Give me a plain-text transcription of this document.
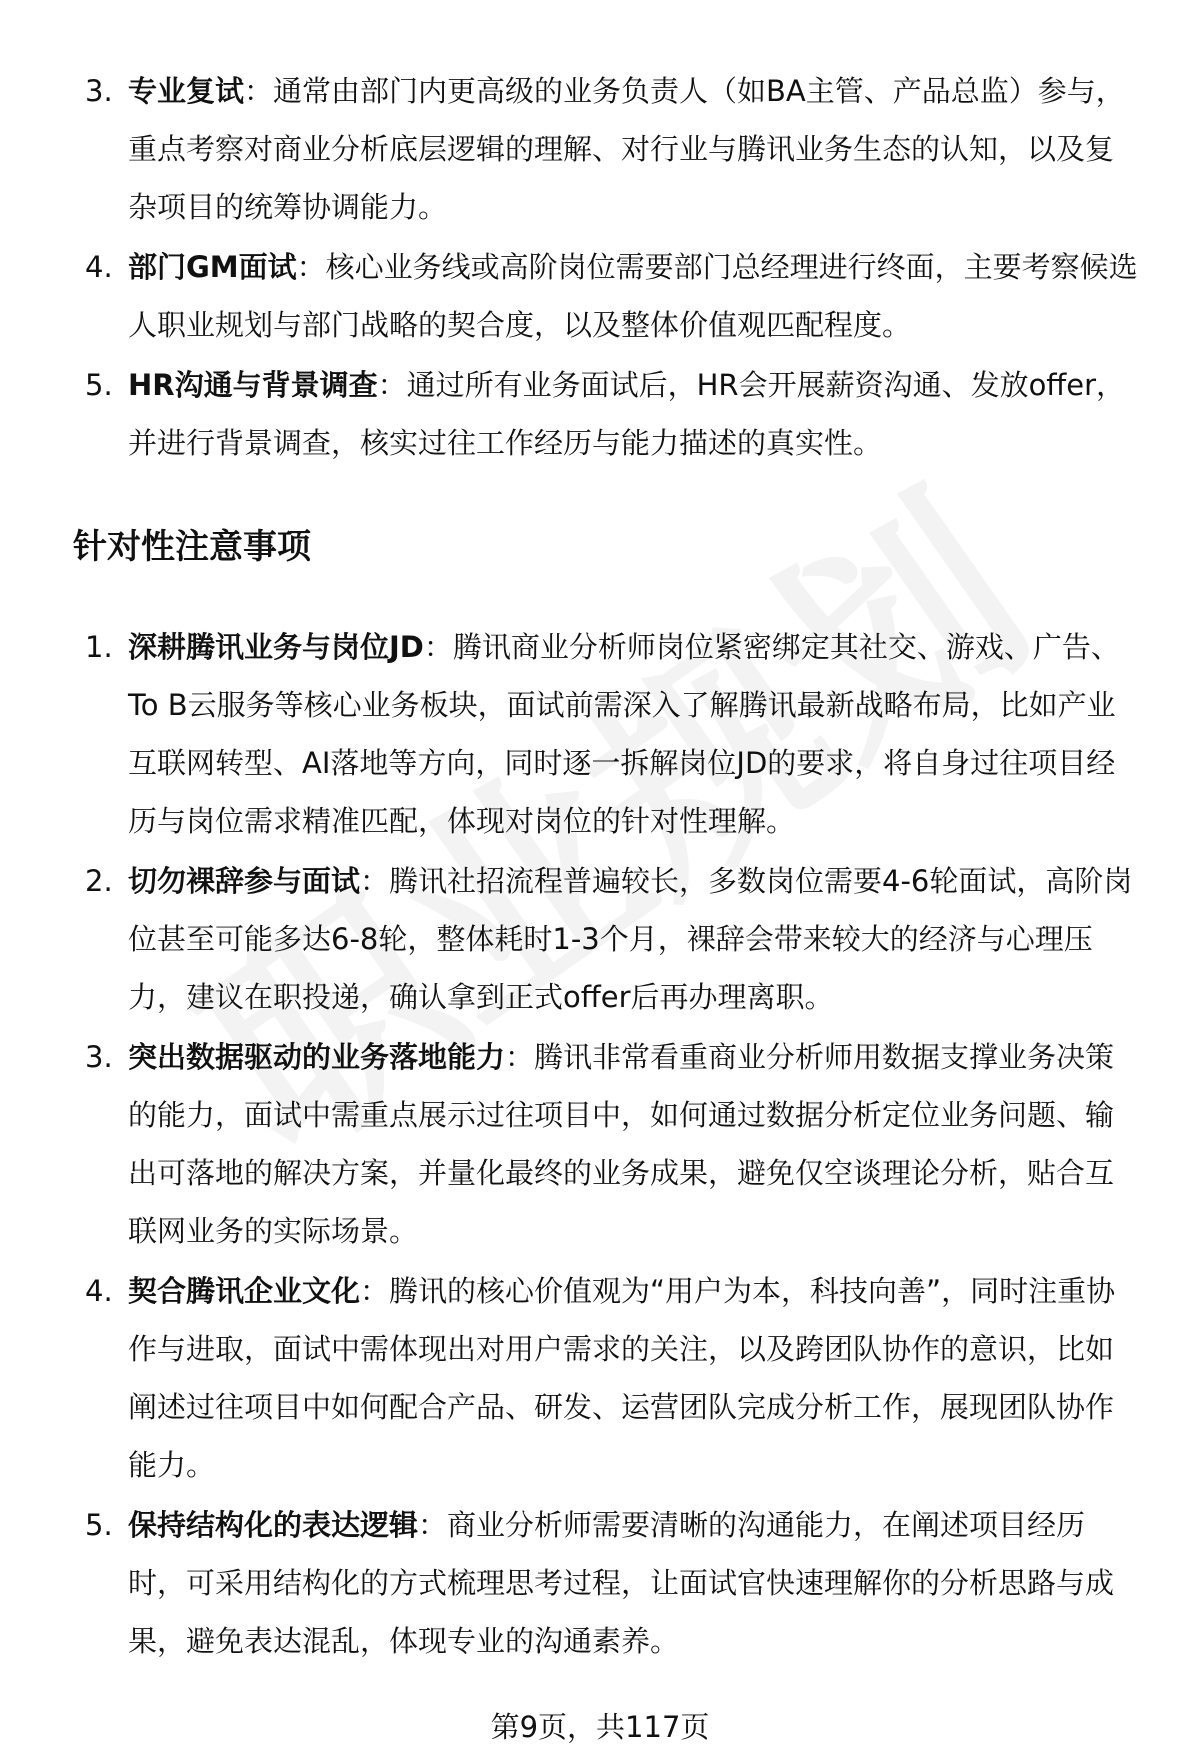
3. 专业复试：通常由部门内更高级的业务负责人（如BA主管、产品总监）参与，重点考察对商业分析底层逻辑的理解、对行业与腾讯业务生态的认知，以及复杂项目的统筹协调能力。
4. 部门GM面试：核心业务线或高阶岗位需要部门总经理进行终面，主要考察候选人职业规划与部门战略的契合度，以及整体价值观匹配程度。
5. HR沟通与背景调查：通过所有业务面试后，HR会开展薪资沟通、发放offer，并进行背景调查，核实过往工作经历与能力描述的真实性。
针对性注意事项
1. 深耕腾讯业务与岗位JD：腾讯商业分析师岗位紧密绑定其社交、游戏、广告、To B云服务等核心业务板块，面试前需深入了解腾讯最新战略布局，比如产业互联网转型、AI落地等方向，同时逐一拆解岗位JD的要求，将自身过往项目经历与岗位需求精准匹配，体现对岗位的针对性理解。
2. 切勿裸辞参与面试：腾讯社招流程普遍较长，多数岗位需要4-6轮面试，高阶岗位甚至可能多达6-8轮，整体耗时1-3个月，裸辞会带来较大的经济与心理压力，建议在职投递，确认拿到正式offer后再办理离职。
3. 突出数据驱动的业务落地能力：腾讯非常看重商业分析师用数据支撑业务决策的能力，面试中需重点展示过往项目中，如何通过数据分析定位业务问题、输出可落地的解决方案，并量化最终的业务成果，避免仅空谈理论分析，贴合互联网业务的实际场景。
4. 契合腾讯企业文化：腾讯的核心价值观为“用户为本，科技向善”，同时注重协作与进取，面试中需体现出对用户需求的关注，以及跨团队协作的意识，比如阐述过往项目中如何配合产品、研发、运营团队完成分析工作，展现团队协作能力。
5. 保持结构化的表达逻辑：商业分析师需要清晰的沟通能力，在阐述项目经历时，可采用结构化的方式梳理思考过程，让面试官快速理解你的分析思路与成果，避免表达混乱，体现专业的沟通素养。
第9页，共117页
